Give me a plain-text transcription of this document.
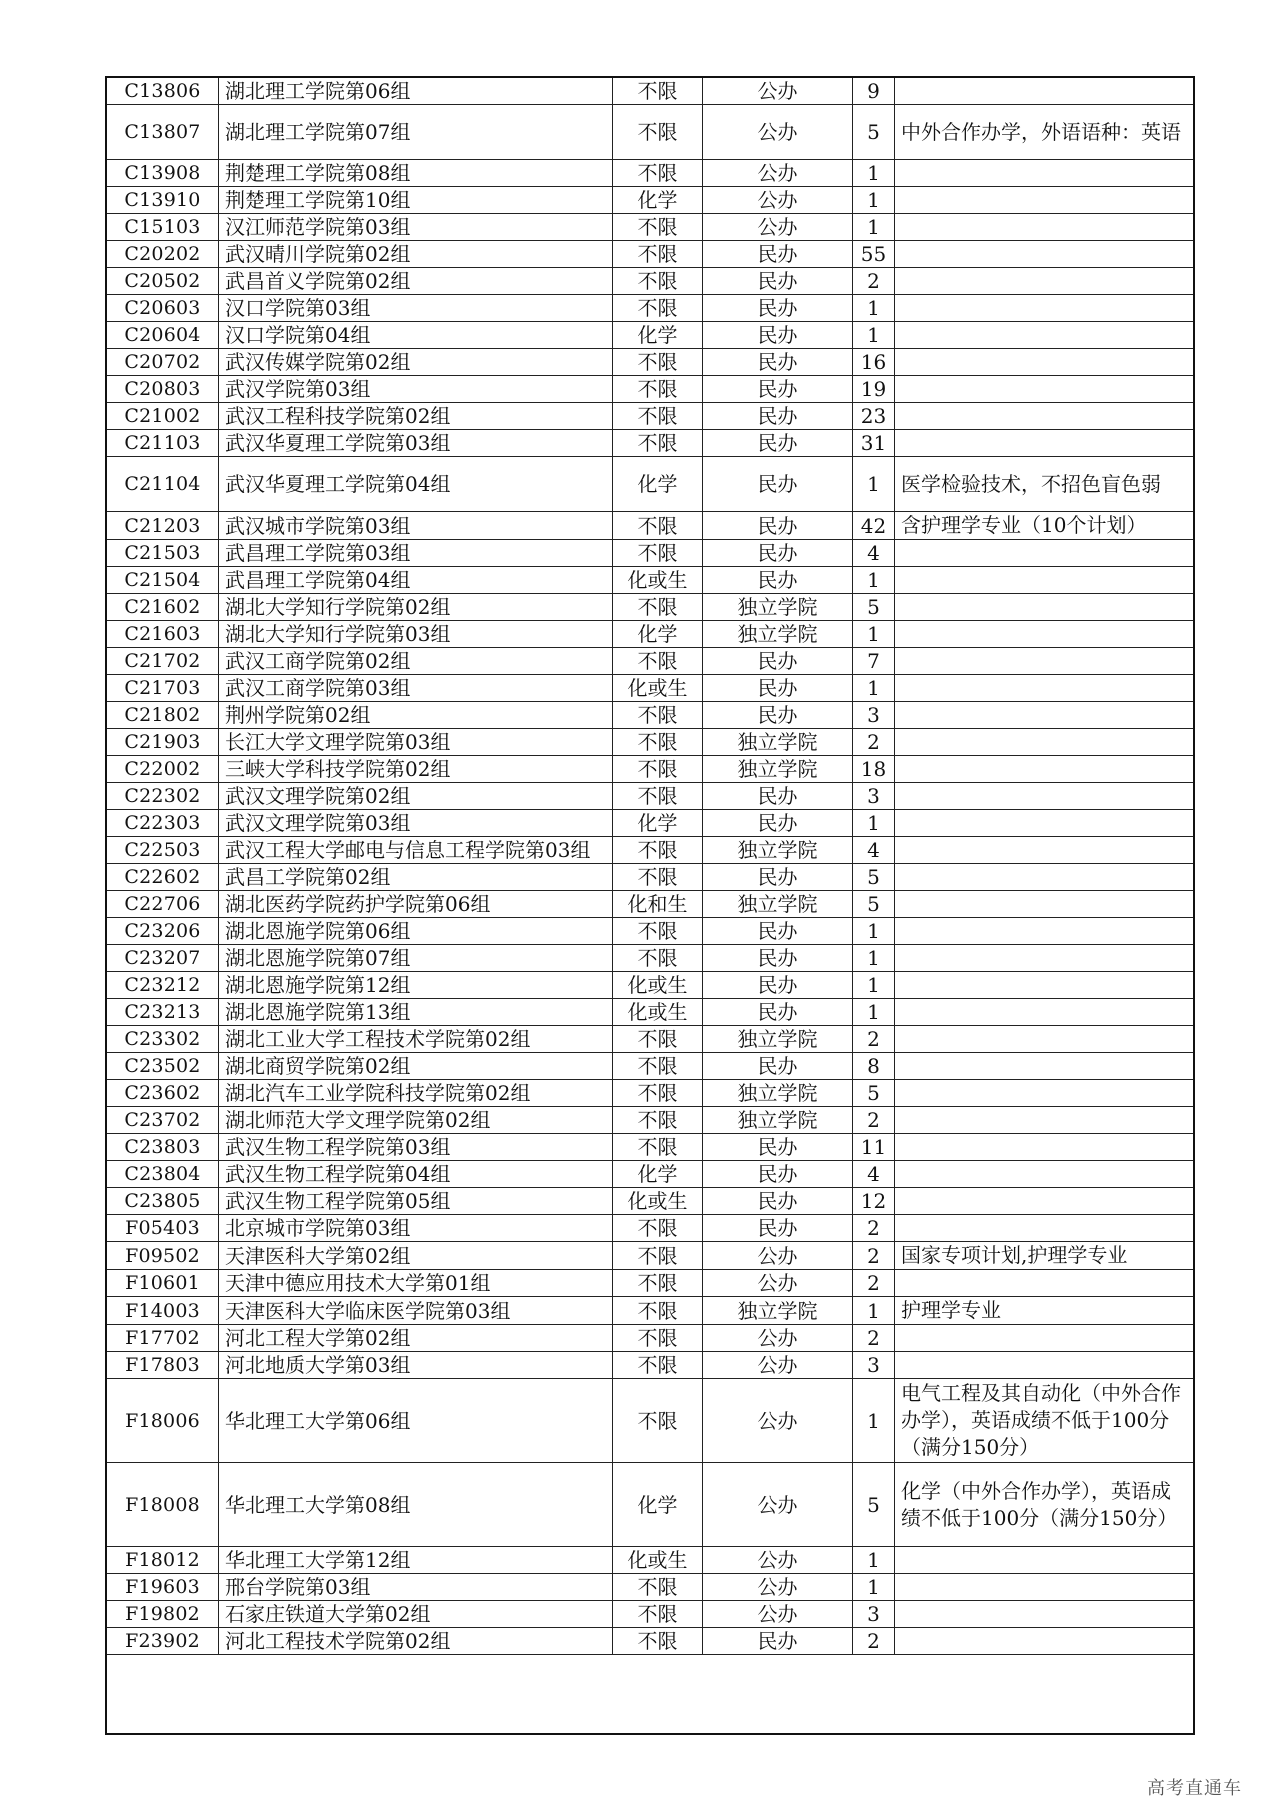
C13806	湖北理工学院第06组	不限	公办	9	
C13807	湖北理工学院第07组	不限	公办	5	中外合作办学，外语语种：英语
C13908	荆楚理工学院第08组	不限	公办	1	
C13910	荆楚理工学院第10组	化学	公办	1	
C15103	汉江师范学院第03组	不限	公办	1	
C20202	武汉晴川学院第02组	不限	民办	55	
C20502	武昌首义学院第02组	不限	民办	2	
C20603	汉口学院第03组	不限	民办	1	
C20604	汉口学院第04组	化学	民办	1	
C20702	武汉传媒学院第02组	不限	民办	16	
C20803	武汉学院第03组	不限	民办	19	
C21002	武汉工程科技学院第02组	不限	民办	23	
C21103	武汉华夏理工学院第03组	不限	民办	31	
C21104	武汉华夏理工学院第04组	化学	民办	1	医学检验技术，不招色盲色弱
C21203	武汉城市学院第03组	不限	民办	42	含护理学专业（10个计划）
C21503	武昌理工学院第03组	不限	民办	4	
C21504	武昌理工学院第04组	化或生	民办	1	
C21602	湖北大学知行学院第02组	不限	独立学院	5	
C21603	湖北大学知行学院第03组	化学	独立学院	1	
C21702	武汉工商学院第02组	不限	民办	7	
C21703	武汉工商学院第03组	化或生	民办	1	
C21802	荆州学院第02组	不限	民办	3	
C21903	长江大学文理学院第03组	不限	独立学院	2	
C22002	三峡大学科技学院第02组	不限	独立学院	18	
C22302	武汉文理学院第02组	不限	民办	3	
C22303	武汉文理学院第03组	化学	民办	1	
C22503	武汉工程大学邮电与信息工程学院第03组	不限	独立学院	4	
C22602	武昌工学院第02组	不限	民办	5	
C22706	湖北医药学院药护学院第06组	化和生	独立学院	5	
C23206	湖北恩施学院第06组	不限	民办	1	
C23207	湖北恩施学院第07组	不限	民办	1	
C23212	湖北恩施学院第12组	化或生	民办	1	
C23213	湖北恩施学院第13组	化或生	民办	1	
C23302	湖北工业大学工程技术学院第02组	不限	独立学院	2	
C23502	湖北商贸学院第02组	不限	民办	8	
C23602	湖北汽车工业学院科技学院第02组	不限	独立学院	5	
C23702	湖北师范大学文理学院第02组	不限	独立学院	2	
C23803	武汉生物工程学院第03组	不限	民办	11	
C23804	武汉生物工程学院第04组	化学	民办	4	
C23805	武汉生物工程学院第05组	化或生	民办	12	
F05403	北京城市学院第03组	不限	民办	2	
F09502	天津医科大学第02组	不限	公办	2	国家专项计划,护理学专业
F10601	天津中德应用技术大学第01组	不限	公办	2	
F14003	天津医科大学临床医学院第03组	不限	独立学院	1	护理学专业
F17702	河北工程大学第02组	不限	公办	2	
F17803	河北地质大学第03组	不限	公办	3	
F18006	华北理工大学第06组	不限	公办	1	电气工程及其自动化（中外合作办学），英语成绩不低于100分（满分150分）
F18008	华北理工大学第08组	化学	公办	5	化学（中外合作办学），英语成绩不低于100分（满分150分）
F18012	华北理工大学第12组	化或生	公办	1	
F19603	邢台学院第03组	不限	公办	1	
F19802	石家庄铁道大学第02组	不限	公办	3	
F23902	河北工程技术学院第02组	不限	民办	2	
高考直通车
